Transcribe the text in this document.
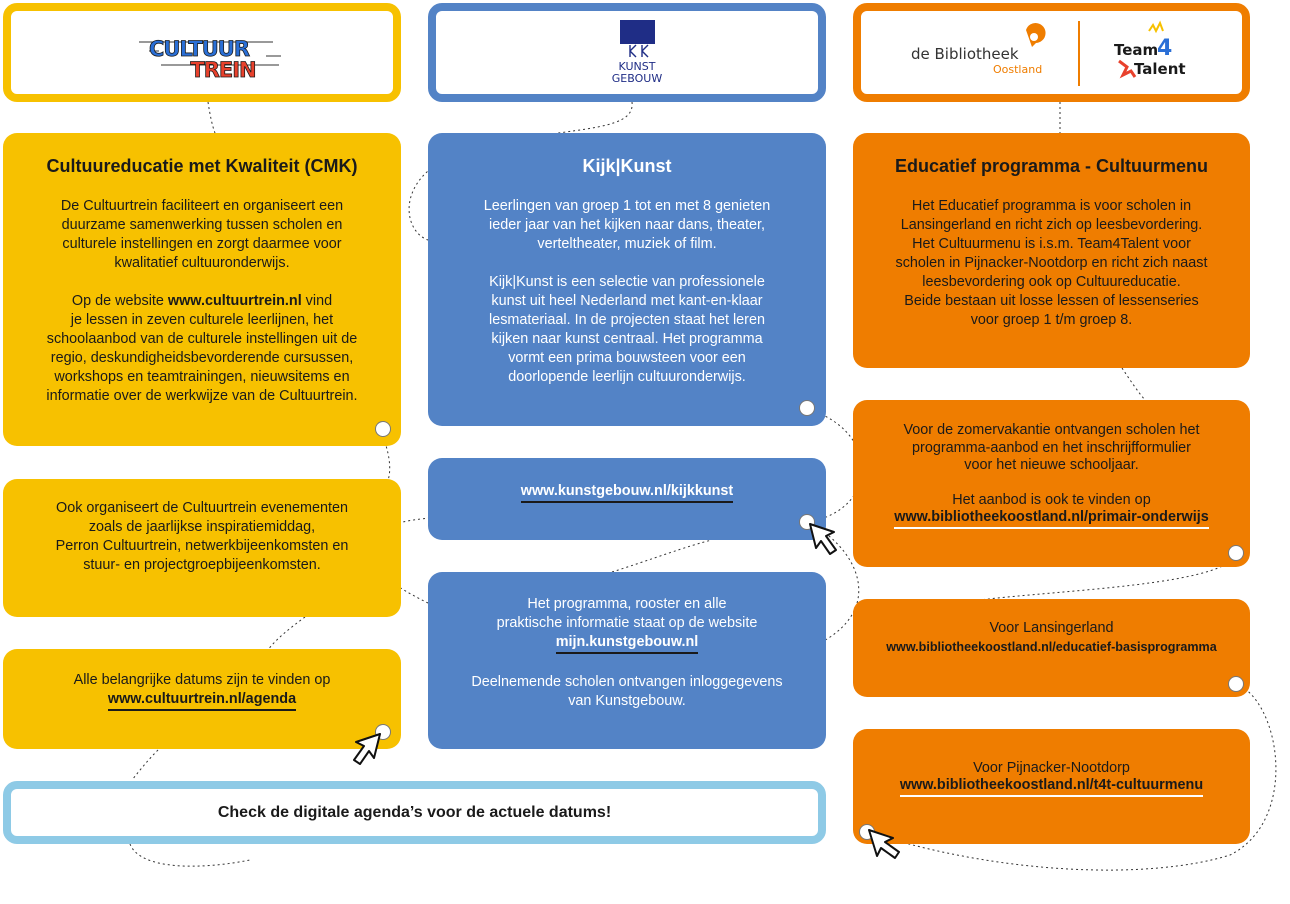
CULTUUR
TREIN	KUNST
GEBOUW
de Bibliotheek
Oostland
Team
4
Talent
Cultuureducatie met Kwaliteit (CMK)
De Cultuurtrein faciliteert en organiseert een
duurzame samenwerking tussen scholen en
culturele instellingen en zorgt daarmee voor
kwalitatief cultuuronderwijs.
Op de website www.cultuurtrein.nl vind
je lessen in zeven culturele leerlijnen, het
schoolaanbod van de culturele instellingen uit de
regio, deskundigheidsbevorderende cursussen,
workshops en teamtrainingen, nieuwsitems en
informatie over de werkwijze van de Cultuurtrein.
Ook organiseert de Cultuurtrein evenementen
zoals de jaarlijkse inspiratiemiddag,
Perron Cultuurtrein, netwerkbijeenkomsten en
stuur- en projectgroepbijeenkomsten.
Alle belangrijke datums zijn te vinden op
www.cultuurtrein.nl/agenda
Kijk|Kunst
Leerlingen van groep 1 tot en met 8 genieten
ieder jaar van het kijken naar dans, theater,
verteltheater, muziek of film.
Kijk|Kunst is een selectie van professionele
kunst uit heel Nederland met kant-en-klaar
lesmateriaal. In de projecten staat het leren
kijken naar kunst centraal. Het programma
vormt een prima bouwsteen voor een
doorlopende leerlijn cultuuronderwijs.
www.kunstgebouw.nl/kijkkunst
Het programma, rooster en alle
praktische informatie staat op de website
mijn.kunstgebouw.nl
Deelnemende scholen ontvangen inloggegevens
van Kunstgebouw.
Educatief programma - Cultuurmenu
Het Educatief programma is voor scholen in
Lansingerland en richt zich op leesbevordering.
Het Cultuurmenu is i.s.m. Team4Talent voor
scholen in Pijnacker-Nootdorp en richt zich naast
leesbevordering ook op Cultuureducatie.
Beide bestaan uit losse lessen of lessenseries
voor groep 1 t/m groep 8.
Voor de zomervakantie ontvangen scholen het
programma-aanbod en het inschrijfformulier
voor het nieuwe schooljaar.
Het aanbod is ook te vinden op
www.bibliotheekoostland.nl/primair-onderwijs
Voor Lansingerland
www.bibliotheekoostland.nl/educatief-basisprogramma
Voor Pijnacker-Nootdorp
www.bibliotheekoostland.nl/t4t-cultuurmenu
Check de digitale agenda’s voor de actuele datums!
